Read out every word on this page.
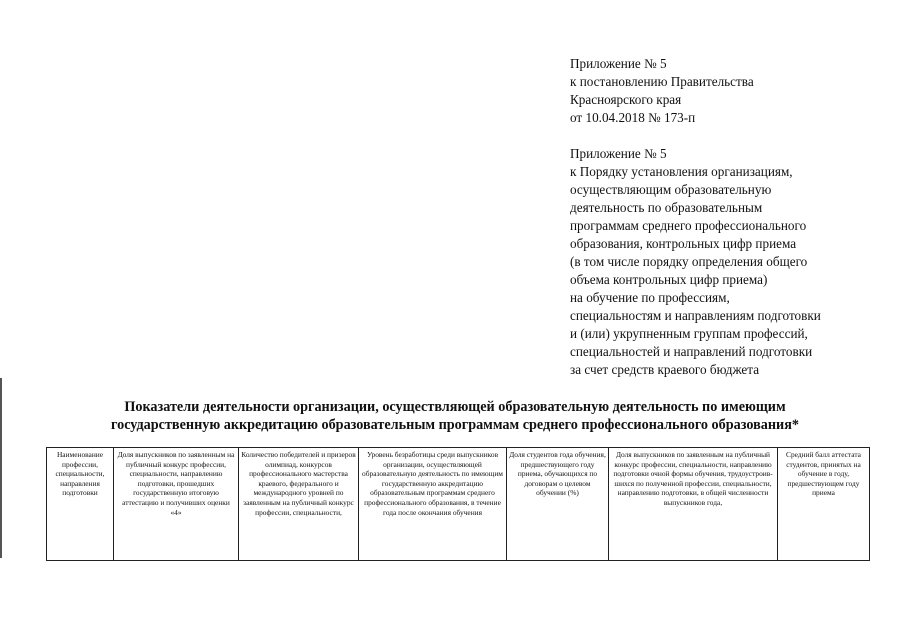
Приложение № 5
к постановлению Правительства
Красноярского края
от 10.04.2018 № 173-п
Приложение № 5
к Порядку установления организациям,
осуществляющим образовательную
деятельность по образовательным
программам среднего профессионального
образования, контрольных цифр приема
(в том числе порядку определения общего
объема контрольных цифр приема)
на обучение по профессиям,
специальностям и направлениям подготовки
и (или) укрупненным группам профессий,
специальностей и направлений подготовки
за счет средств краевого бюджета
Показатели деятельности организации, осуществляющей образовательную деятельность по имеющим
государственную аккредитацию образовательным программам среднего профессионального образования*
Наименование профессии, специальности, направления подготовки	Доля выпускников по заявленным на публичный конкурс профессии, специальности, направлению подготовки, прошедших государственную итоговую аттестацию и получивших оценки «4»	Количество победителей и призеров олимпиад, конкурсов профессионального мастерства краевого, федерального и международного уровней по заявленным на публичный конкурс профессии, специальности,	Уровень безработицы среди выпускников организации, осуществляющей образовательную деятельность по имеющим государственную аккредитацию образовательным программам среднего профессионального образования, в течение года после окончания обучения	Доля студентов года обучения, предшествующего году приема, обучающихся по договорам о целевом обучении (%)	Доля выпускников по заявленным на публичный конкурс профессии, специальности, направлению подготовки очной формы обучения, трудоустроив-шихся по полученной профессии, специальности, направлению подготовки, в общей численности выпускников года,	Средний балл аттестата студентов, принятых на обучение в году, предшествующем году приема
